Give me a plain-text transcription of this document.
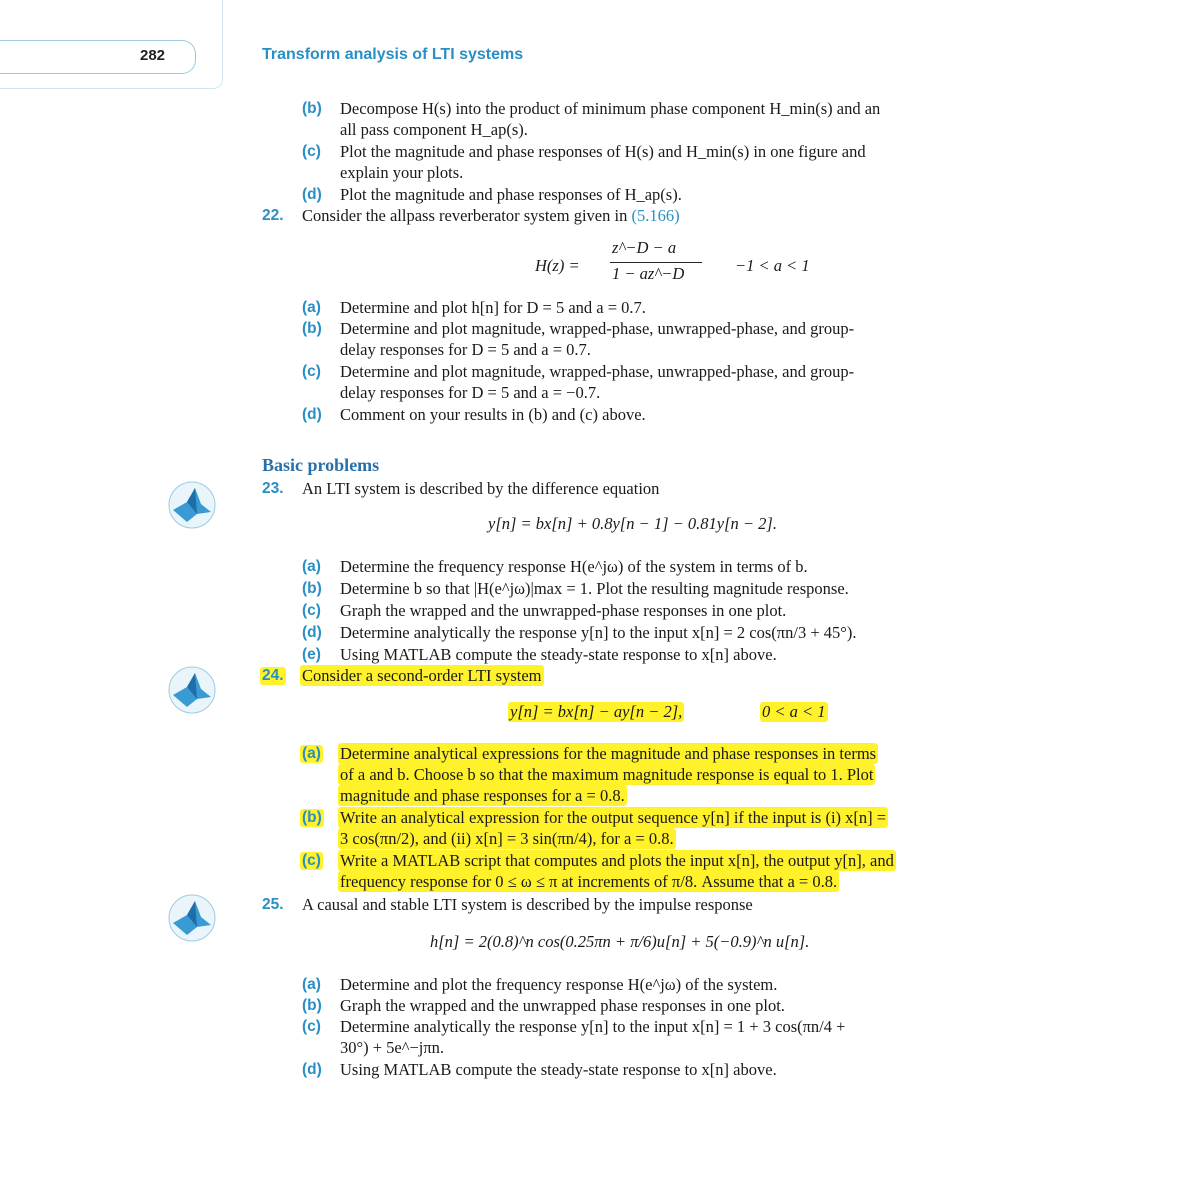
282	Transform analysis of LTI systems
(b) Decompose H(s) into the product of minimum phase component H_min(s) and an
all pass component H_ap(s).
(c) Plot the magnitude and phase responses of H(s) and H_min(s) in one figure and
explain your plots.
(d) Plot the magnitude and phase responses of H_ap(s).
22. Consider the allpass reverberator system given in (5.166)
H(z) =
z^−D − a
1 − az^−D	−1 < a < 1
(a) Determine and plot h[n] for D = 5 and a = 0.7.
(b) Determine and plot magnitude, wrapped-phase, unwrapped-phase, and group-
delay responses for D = 5 and a = 0.7.
(c) Determine and plot magnitude, wrapped-phase, unwrapped-phase, and group-
delay responses for D = 5 and a = −0.7.
(d) Comment on your results in (b) and (c) above.
Basic problems
23. An LTI system is described by the difference equation
y[n] = bx[n] + 0.8y[n − 1] − 0.81y[n − 2].
(a) Determine the frequency response H(e^jω) of the system in terms of b.
(b) Determine b so that |H(e^jω)|max = 1. Plot the resulting magnitude response.
(c) Graph the wrapped and the unwrapped-phase responses in one plot.
(d) Determine analytically the response y[n] to the input x[n] = 2 cos(πn/3 + 45°).
(e) Using MATLAB compute the steady-state response to x[n] above.
24. Consider a second-order LTI system
y[n] = bx[n] − ay[n − 2],	0 < a < 1
(a) Determine analytical expressions for the magnitude and phase responses in terms
of a and b. Choose b so that the maximum magnitude response is equal to 1. Plot
magnitude and phase responses for a = 0.8.
(b) Write an analytical expression for the output sequence y[n] if the input is (i) x[n] =
3 cos(πn/2), and (ii) x[n] = 3 sin(πn/4), for a = 0.8.
(c) Write a MATLAB script that computes and plots the input x[n], the output y[n], and
frequency response for 0 ≤ ω ≤ π at increments of π/8. Assume that a = 0.8.
25. A causal and stable LTI system is described by the impulse response
h[n] = 2(0.8)^n cos(0.25πn + π/6)u[n] + 5(−0.9)^n u[n].
(a) Determine and plot the frequency response H(e^jω) of the system.
(b) Graph the wrapped and the unwrapped phase responses in one plot.
(c) Determine analytically the response y[n] to the input x[n] = 1 + 3 cos(πn/4 +
30°) + 5e^−jπn.
(d) Using MATLAB compute the steady-state response to x[n] above.
